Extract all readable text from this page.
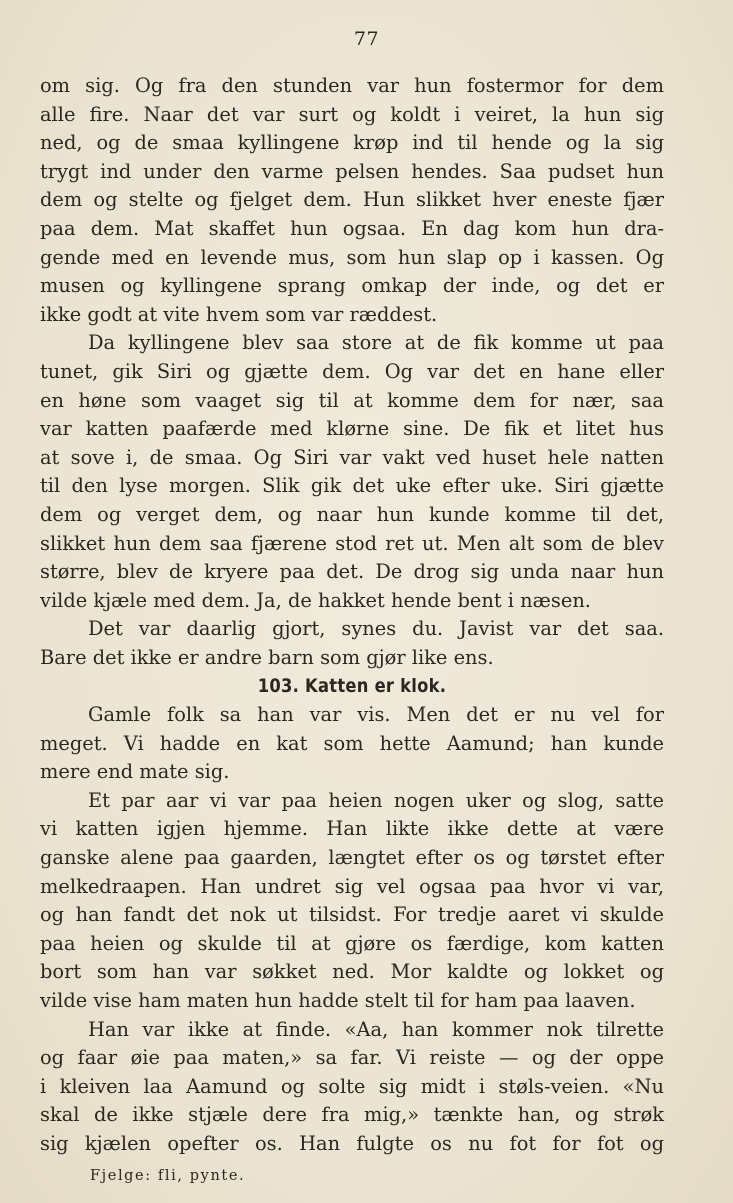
77
om sig. Og fra den stunden var hun fostermor for dem
alle fire. Naar det var surt og koldt i veiret, la hun sig
ned, og de smaa kyllingene krøp ind til hende og la sig
trygt ind under den varme pelsen hendes. Saa pudset hun
dem og stelte og fjelget dem. Hun slikket hver eneste fjær
paa dem. Mat skaffet hun ogsaa. En dag kom hun dra-
gende med en levende mus, som hun slap op i kassen. Og
musen og kyllingene sprang omkap der inde, og det er
ikke godt at vite hvem som var ræddest.
Da kyllingene blev saa store at de fik komme ut paa
tunet, gik Siri og gjætte dem. Og var det en hane eller
en høne som vaaget sig til at komme dem for nær, saa
var katten paafærde med klørne sine. De fik et litet hus
at sove i, de smaa. Og Siri var vakt ved huset hele natten
til den lyse morgen. Slik gik det uke efter uke. Siri gjætte
dem og verget dem, og naar hun kunde komme til det,
slikket hun dem saa fjærene stod ret ut. Men alt som de blev
større, blev de kryere paa det. De drog sig unda naar hun
vilde kjæle med dem. Ja, de hakket hende bent i næsen.
Det var daarlig gjort, synes du. Javist var det saa.
Bare det ikke er andre barn som gjør like ens.
103. Katten er klok.
Gamle folk sa han var vis. Men det er nu vel for
meget. Vi hadde en kat som hette Aamund; han kunde
mere end mate sig.
Et par aar vi var paa heien nogen uker og slog, satte
vi katten igjen hjemme. Han likte ikke dette at være
ganske alene paa gaarden, længtet efter os og tørstet efter
melkedraapen. Han undret sig vel ogsaa paa hvor vi var,
og han fandt det nok ut tilsidst. For tredje aaret vi skulde
paa heien og skulde til at gjøre os færdige, kom katten
bort som han var søkket ned. Mor kaldte og lokket og
vilde vise ham maten hun hadde stelt til for ham paa laaven.
Han var ikke at finde. «Aa, han kommer nok tilrette
og faar øie paa maten,» sa far. Vi reiste — og der oppe
i kleiven laa Aamund og solte sig midt i støls-veien. «Nu
skal de ikke stjæle dere fra mig,» tænkte han, og strøk
sig kjælen opefter os. Han fulgte os nu fot for fot og
Fjelge: fli, pynte.
